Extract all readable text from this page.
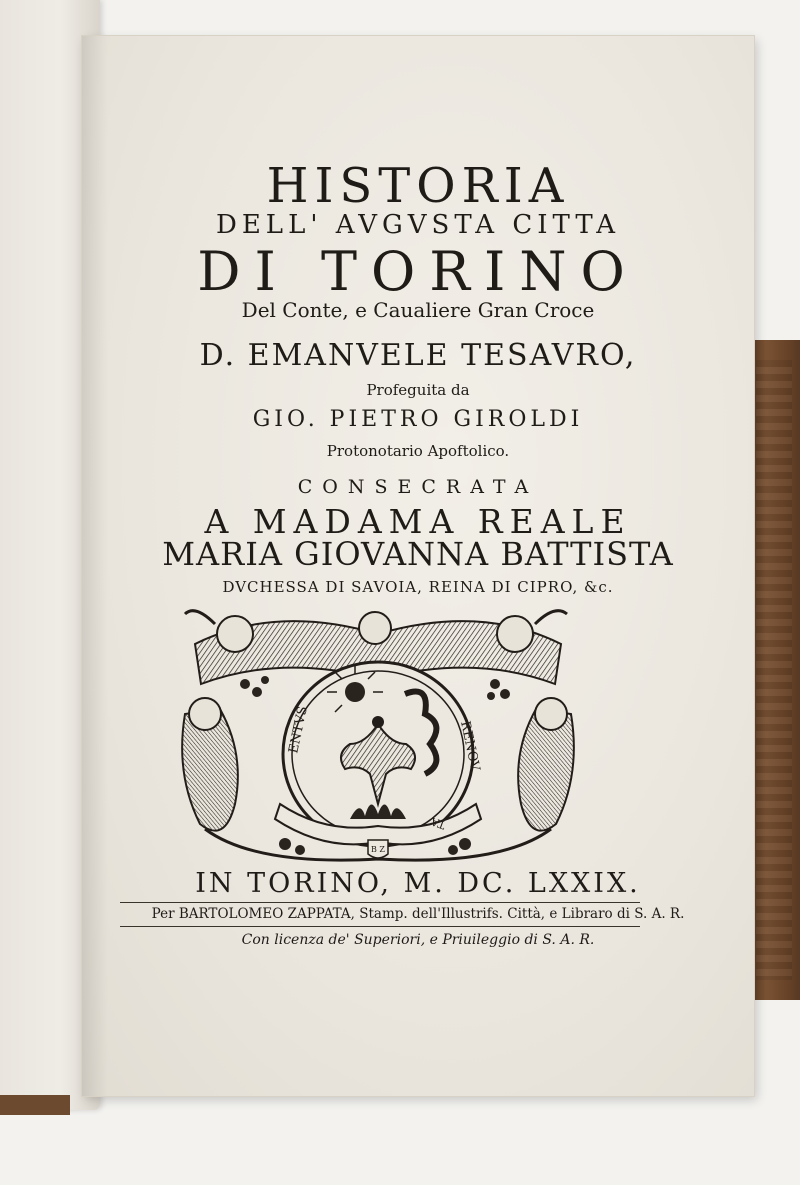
HISTORIA

DELL' AVGVSTA CITTA

DI TORINO

Del Conte, e Caualiere Gran Croce

D. EMANVELE TESAVRO,

Profeguita da

GIO. PIETRO GIROLDI

Protonotario Apoftolico.

CONSECRATA

A MADAMA REALE

MARIA GIOVANNA BATTISTA

DVCHESSA DI SAVOIA, REINA DI CIPRO, &c.

ENTVS	RENOV
TA
B Z

IN TORINO, M. DC. LXXIX.

Per BARTOLOMEO ZAPPATA, Stamp. dell'Illustrifs. Città, e Libraro di S. A. R.

Con licenza de' Superiori, e Priuileggio di S. A. R.
